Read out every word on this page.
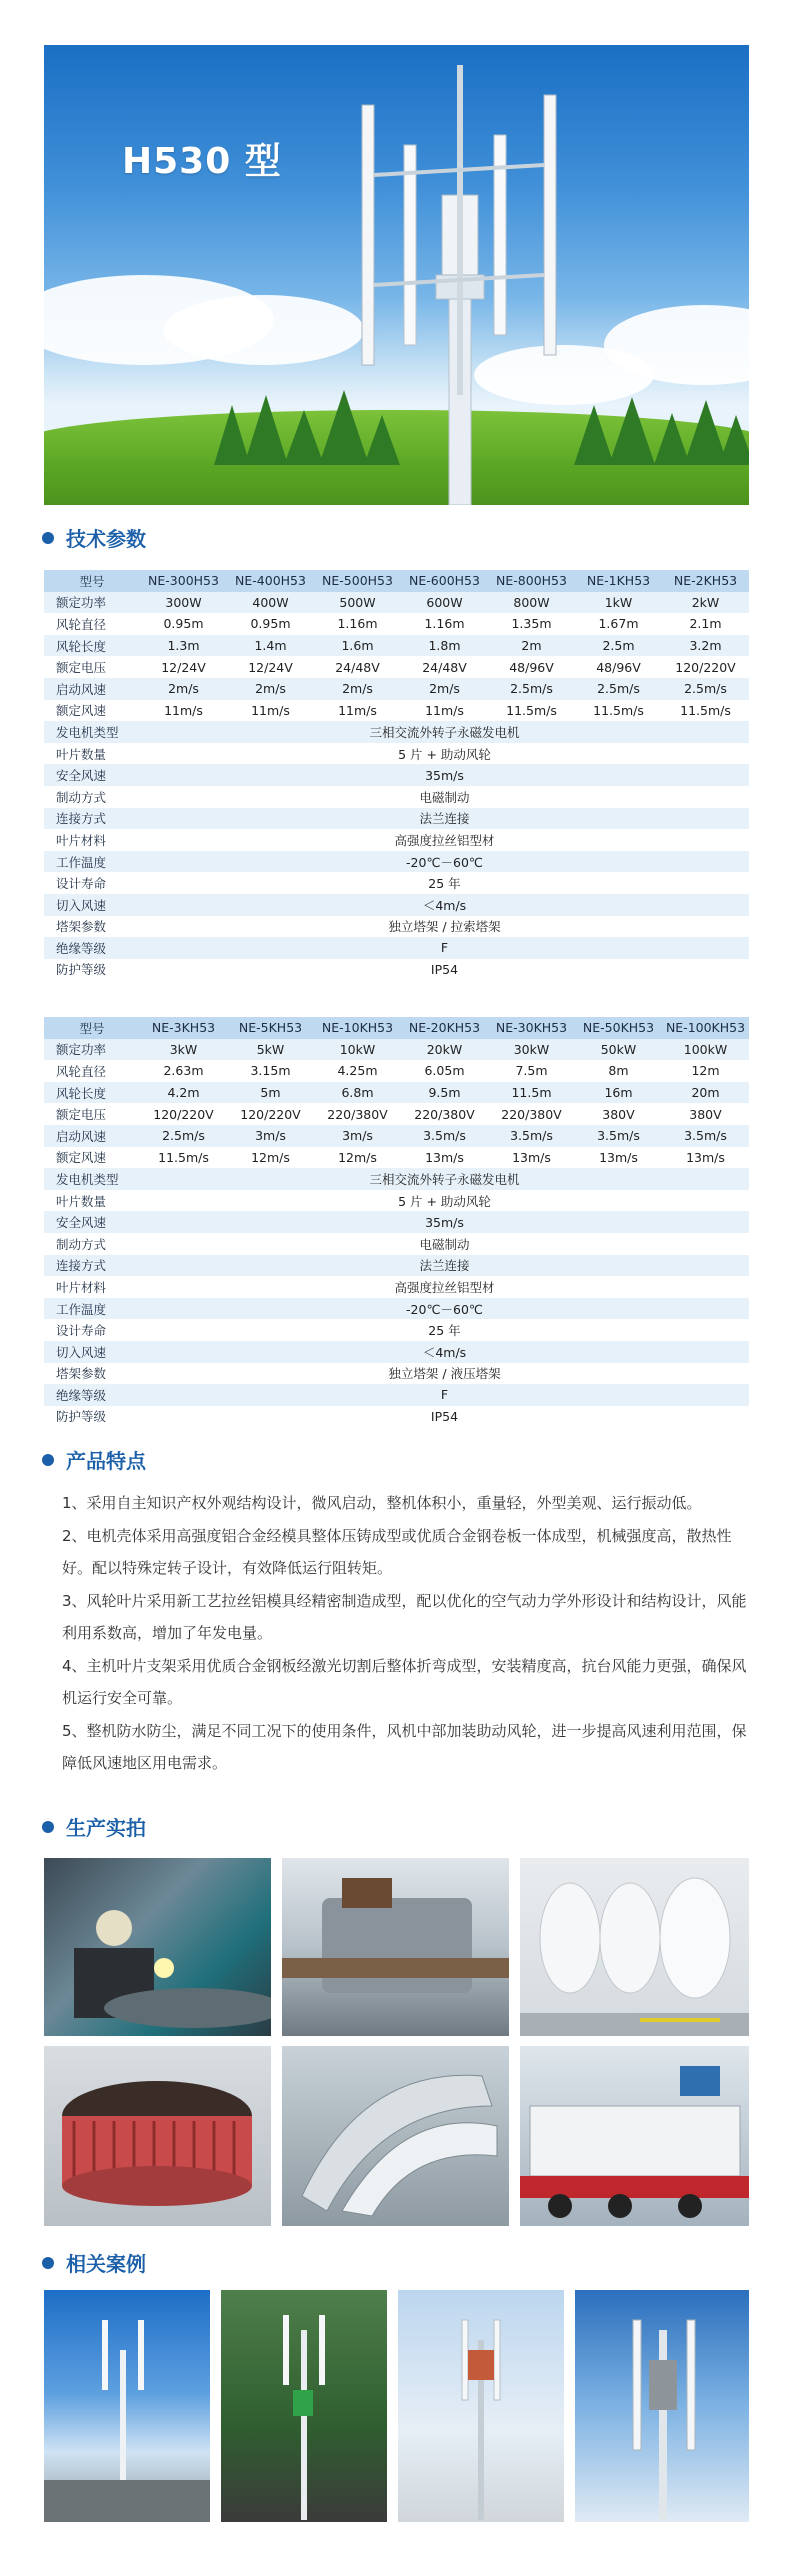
H530 型
技术参数
型号	NE-300H53	NE-400H53	NE-500H53	NE-600H53	NE-800H53	NE-1KH53	NE-2KH53
额定功率	300W	400W	500W	600W	800W	1kW	2kW
风轮直径	0.95m	0.95m	1.16m	1.16m	1.35m	1.67m	2.1m
风轮长度	1.3m	1.4m	1.6m	1.8m	2m	2.5m	3.2m
额定电压	12/24V	12/24V	24/48V	24/48V	48/96V	48/96V	120/220V
启动风速	2m/s	2m/s	2m/s	2m/s	2.5m/s	2.5m/s	2.5m/s
额定风速	11m/s	11m/s	11m/s	11m/s	11.5m/s	11.5m/s	11.5m/s
发电机类型	三相交流外转子永磁发电机						
叶片数量	5 片 + 助动风轮						
安全风速	35m/s						
制动方式	电磁制动						
连接方式	法兰连接						
叶片材料	高强度拉丝铝型材						
工作温度	-20℃－60℃						
设计寿命	25 年						
切入风速	＜4m/s						
塔架参数	独立塔架 / 拉索塔架						
绝缘等级	F						
防护等级	IP54						
型号	NE-3KH53	NE-5KH53	NE-10KH53	NE-20KH53	NE-30KH53	NE-50KH53	NE-100KH53
额定功率	3kW	5kW	10kW	20kW	30kW	50kW	100kW
风轮直径	2.63m	3.15m	4.25m	6.05m	7.5m	8m	12m
风轮长度	4.2m	5m	6.8m	9.5m	11.5m	16m	20m
额定电压	120/220V	120/220V	220/380V	220/380V	220/380V	380V	380V
启动风速	2.5m/s	3m/s	3m/s	3.5m/s	3.5m/s	3.5m/s	3.5m/s
额定风速	11.5m/s	12m/s	12m/s	13m/s	13m/s	13m/s	13m/s
发电机类型	三相交流外转子永磁发电机						
叶片数量	5 片 + 助动风轮						
安全风速	35m/s						
制动方式	电磁制动						
连接方式	法兰连接						
叶片材料	高强度拉丝铝型材						
工作温度	-20℃－60℃						
设计寿命	25 年						
切入风速	＜4m/s						
塔架参数	独立塔架 / 液压塔架						
绝缘等级	F						
防护等级	IP54						
产品特点

1、采用自主知识产权外观结构设计，微风启动，整机体积小，重量轻，外型美观、运行振动低。

2、电机壳体采用高强度铝合金经模具整体压铸成型或优质合金钢卷板一体成型，机械强度高，散热性好。配以特殊定转子设计，有效降低运行阻转矩。

3、风轮叶片采用新工艺拉丝铝模具经精密制造成型，配以优化的空气动力学外形设计和结构设计，风能利用系数高，增加了年发电量。

4、主机叶片支架采用优质合金钢板经激光切割后整体折弯成型，安装精度高，抗台风能力更强，确保风机运行安全可靠。

5、整机防水防尘，满足不同工况下的使用条件，风机中部加装助动风轮，进一步提高风速利用范围，保障低风速地区用电需求。

生产实拍
相关案例
